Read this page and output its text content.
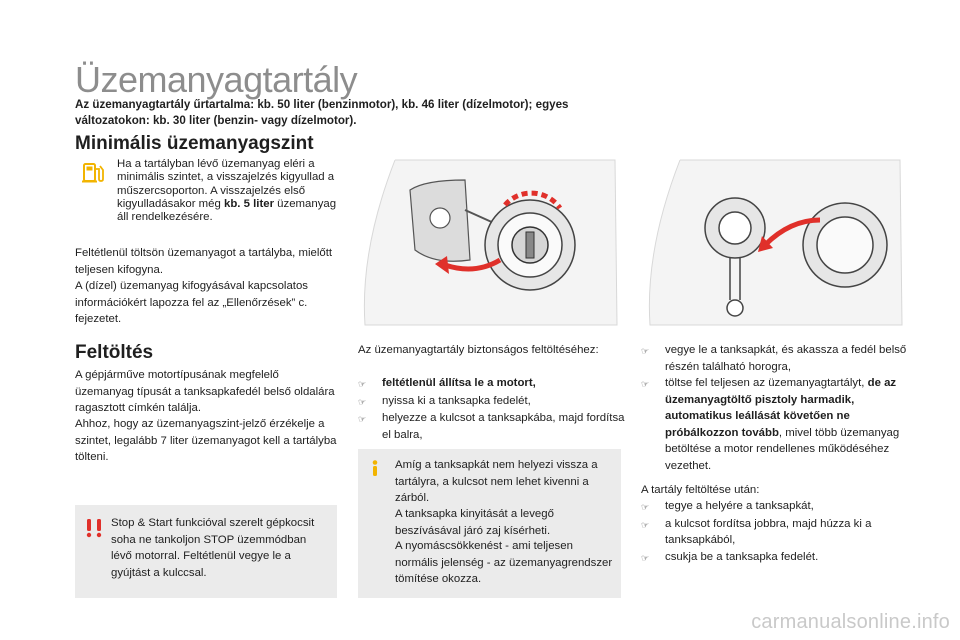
Üzemanyagtartály

Az üzemanyagtartály űrtartalma: kb. 50 liter (benzinmotor), kb. 46 liter (dízelmotor); egyes változatokon: kb. 30 liter (benzin- vagy dízelmotor).

Minimális üzemanyagszint

Ha a tartályban lévő üzemanyag eléri a minimális szintet, a visszajelzés kigyullad a műszercsoporton. A visszajelzés első kigyulladásakor még kb. 5 liter üzemanyag áll rendelkezésére.

Feltétlenül töltsön üzemanyagot a tartályba, mielőtt teljesen kifogyna.

A (dízel) üzemanyag kifogyásával kapcsolatos információkért lapozza fel az „Ellenőrzések” c. fejezetet.

Feltöltés

A gépjárműve motortípusának megfelelő üzemanyag típusát a tanksapkafedél belső oldalára ragasztott címkén találja.

Ahhoz, hogy az üzemanyagszint-jelző érzékelje a szintet, legalább 7 liter üzemanyagot kell a tartályba tölteni.

Stop & Start funkcióval szerelt gépkocsit soha ne tankoljon STOP üzemmódban lévő motorral. Feltétlenül vegye le a gyújtást a kulccsal.

Az üzemanyagtartály biztonságos feltöltéséhez:

☞	feltétlenül állítsa le a motort,
☞	nyissa ki a tanksapka fedelét,
☞	helyezze a kulcsot a tanksapkába, majd fordítsa el balra,

Amíg a tanksapkát nem helyezi vissza a tartályra, a kulcsot nem lehet kivenni a zárból.

A tanksapka kinyitását a levegő beszívásával járó zaj kísérheti.

A nyomáscsökkenést - ami teljesen normális jelenség - az üzemanyagrendszer tömítése okozza.

☞	vegye le a tanksapkát, és akassza a fedél belső részén található horogra,
☞	töltse fel teljesen az üzemanyagtartályt, de az üzemanyagtöltő pisztoly harmadik, automatikus leállását követően ne próbálkozzon tovább, mivel több üzemanyag betöltése a motor rendellenes működéséhez vezethet.

A tartály feltöltése után:

☞	tegye a helyére a tanksapkát,
☞	a kulcsot fordítsa jobbra, majd húzza ki a tanksapkából,
☞	csukja be a tanksapka fedelét.
carmanualsonline.info
